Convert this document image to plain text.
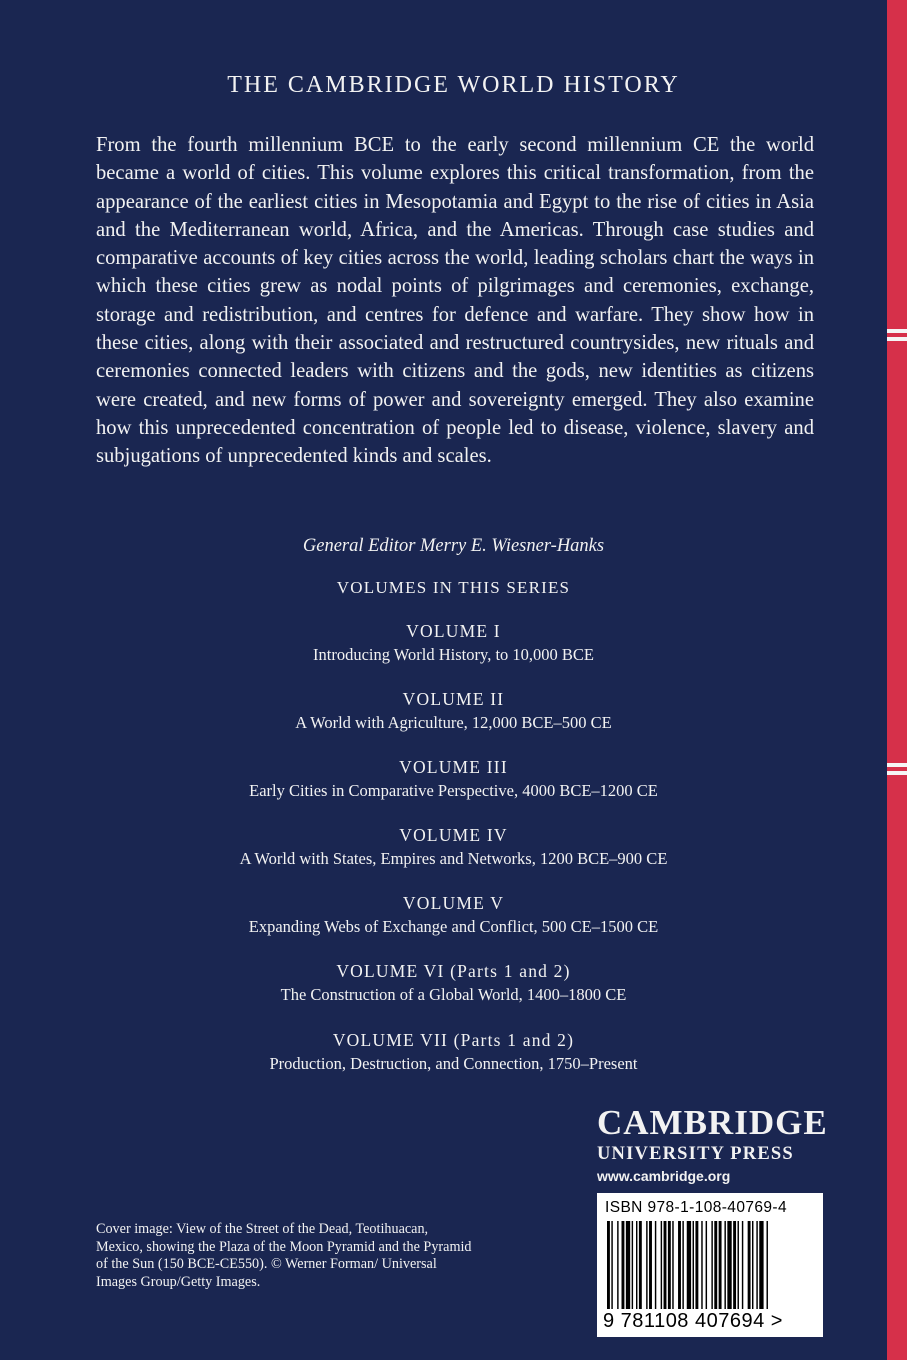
THE CAMBRIDGE WORLD HISTORY
From the fourth millennium BCE to the early second millennium CE the world became a world of cities. This volume explores this critical transformation, from the appearance of the earliest cities in Mesopotamia and Egypt to the rise of cities in Asia and the Mediterranean world, Africa, and the Americas. Through case studies and comparative accounts of key cities across the world, leading scholars chart the ways in which these cities grew as nodal points of pilgrimages and ceremonies, exchange, storage and redistribution, and centres for defence and warfare. They show how in these cities, along with their associated and restructured countrysides, new rituals and ceremonies connected leaders with citizens and the gods, new identities as citizens were created, and new forms of power and sovereignty emerged. They also examine how this unprecedented concentration of people led to disease, violence, slavery and subjugations of unprecedented kinds and scales.
General Editor Merry E. Wiesner-Hanks
VOLUMES IN THIS SERIES
VOLUME I
Introducing World History, to 10,000 BCE
VOLUME II
A World with Agriculture, 12,000 BCE–500 CE
VOLUME III
Early Cities in Comparative Perspective, 4000 BCE–1200 CE
VOLUME IV
A World with States, Empires and Networks, 1200 BCE–900 CE
VOLUME V
Expanding Webs of Exchange and Conflict, 500 CE–1500 CE
VOLUME VI (Parts 1 and 2)
The Construction of a Global World, 1400–1800 CE
VOLUME VII (Parts 1 and 2)
Production, Destruction, and Connection, 1750–Present
CAMBRIDGE
UNIVERSITY PRESS
www.cambridge.org
ISBN 978-1-108-40769-4
9 781108 407694 >
Cover image: View of the Street of the Dead, Teotihuacan, Mexico, showing the Plaza of the Moon Pyramid and the Pyramid of the Sun (150 BCE-CE550). © Werner Forman/ Universal Images Group/Getty Images.
